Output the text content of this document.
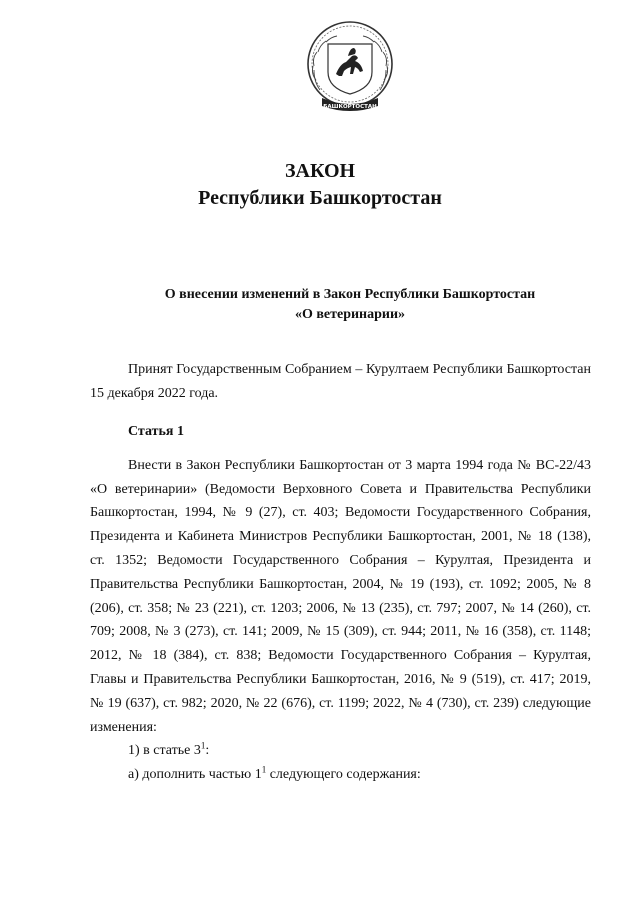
БАШКОРТОСТАН
ЗАКОН
Республики Башкортостан
О внесении изменений в Закон Республики Башкортостан
«О ветеринарии»

Принят Государственным Собранием – Курултаем Республики Башкортостан 15 декабря 2022 года.

Статья 1

Внести в Закон Республики Башкортостан от 3 марта 1994 года № ВС-22/43 «О ветеринарии» (Ведомости Верховного Совета и Правительства Республики Башкортостан, 1994, № 9 (27), ст. 403; Ведомости Государственного Собрания, Президента и Кабинета Министров Республики Башкортостан, 2001, № 18 (138), ст. 1352; Ведомости Государственного Собрания – Курултая, Президента и Правительства Республики Башкортостан, 2004, № 19 (193), ст. 1092; 2005, № 8 (206), ст. 358; № 23 (221), ст. 1203; 2006, № 13 (235), ст. 797; 2007, № 14 (260), ст. 709; 2008, № 3 (273), ст. 141; 2009, № 15 (309), ст. 944; 2011, № 16 (358), ст. 1148; 2012, № 18 (384), ст. 838; Ведомости Государственного Собрания – Курултая, Главы и Правительства Республики Башкортостан, 2016, № 9 (519), ст. 417; 2019, № 19 (637), ст. 982; 2020, № 22 (676), ст. 1199; 2022, № 4 (730), ст. 239) следующие изменения:

1) в статье $3^1$:

а) дополнить частью $1^1$ следующего содержания:
